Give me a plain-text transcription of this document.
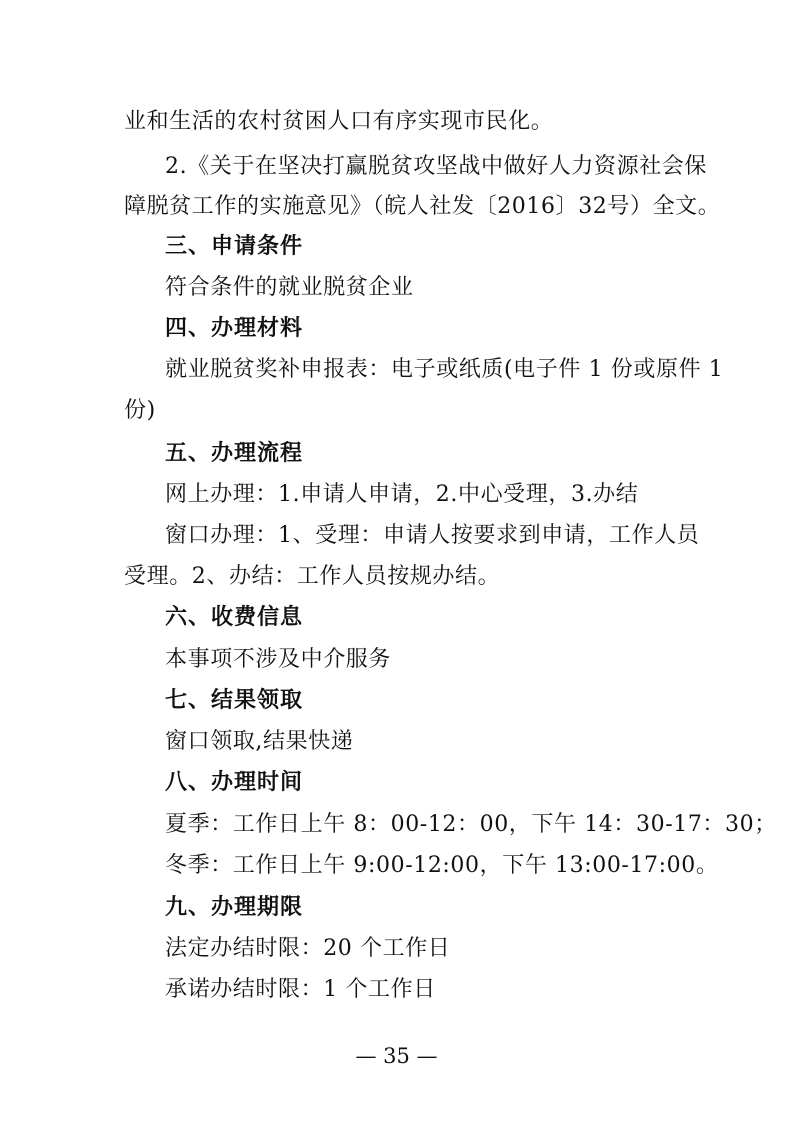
业和生活的农村贫困人口有序实现市民化。
2.《关于在坚决打赢脱贫攻坚战中做好人力资源社会保
障脱贫工作的实施意见》（皖人社发〔2016〕32号）全文。
三、申请条件
符合条件的就业脱贫企业
四、办理材料
就业脱贫奖补申报表：电子或纸质(电子件 1 份或原件 1
份)
五、办理流程
网上办理：1.申请人申请，2.中心受理，3.办结
窗口办理：1、受理：申请人按要求到申请，工作人员
受理。2、办结：工作人员按规办结。
六、收费信息
本事项不涉及中介服务
七、结果领取
窗口领取,结果快递
八、办理时间
夏季：工作日上午 8：00-12：00，下午 14：30-17：30；
冬季：工作日上午 9:00-12:00，下午 13:00-17:00。
九、办理期限
法定办结时限：20 个工作日
承诺办结时限：1 个工作日
— 35 —
